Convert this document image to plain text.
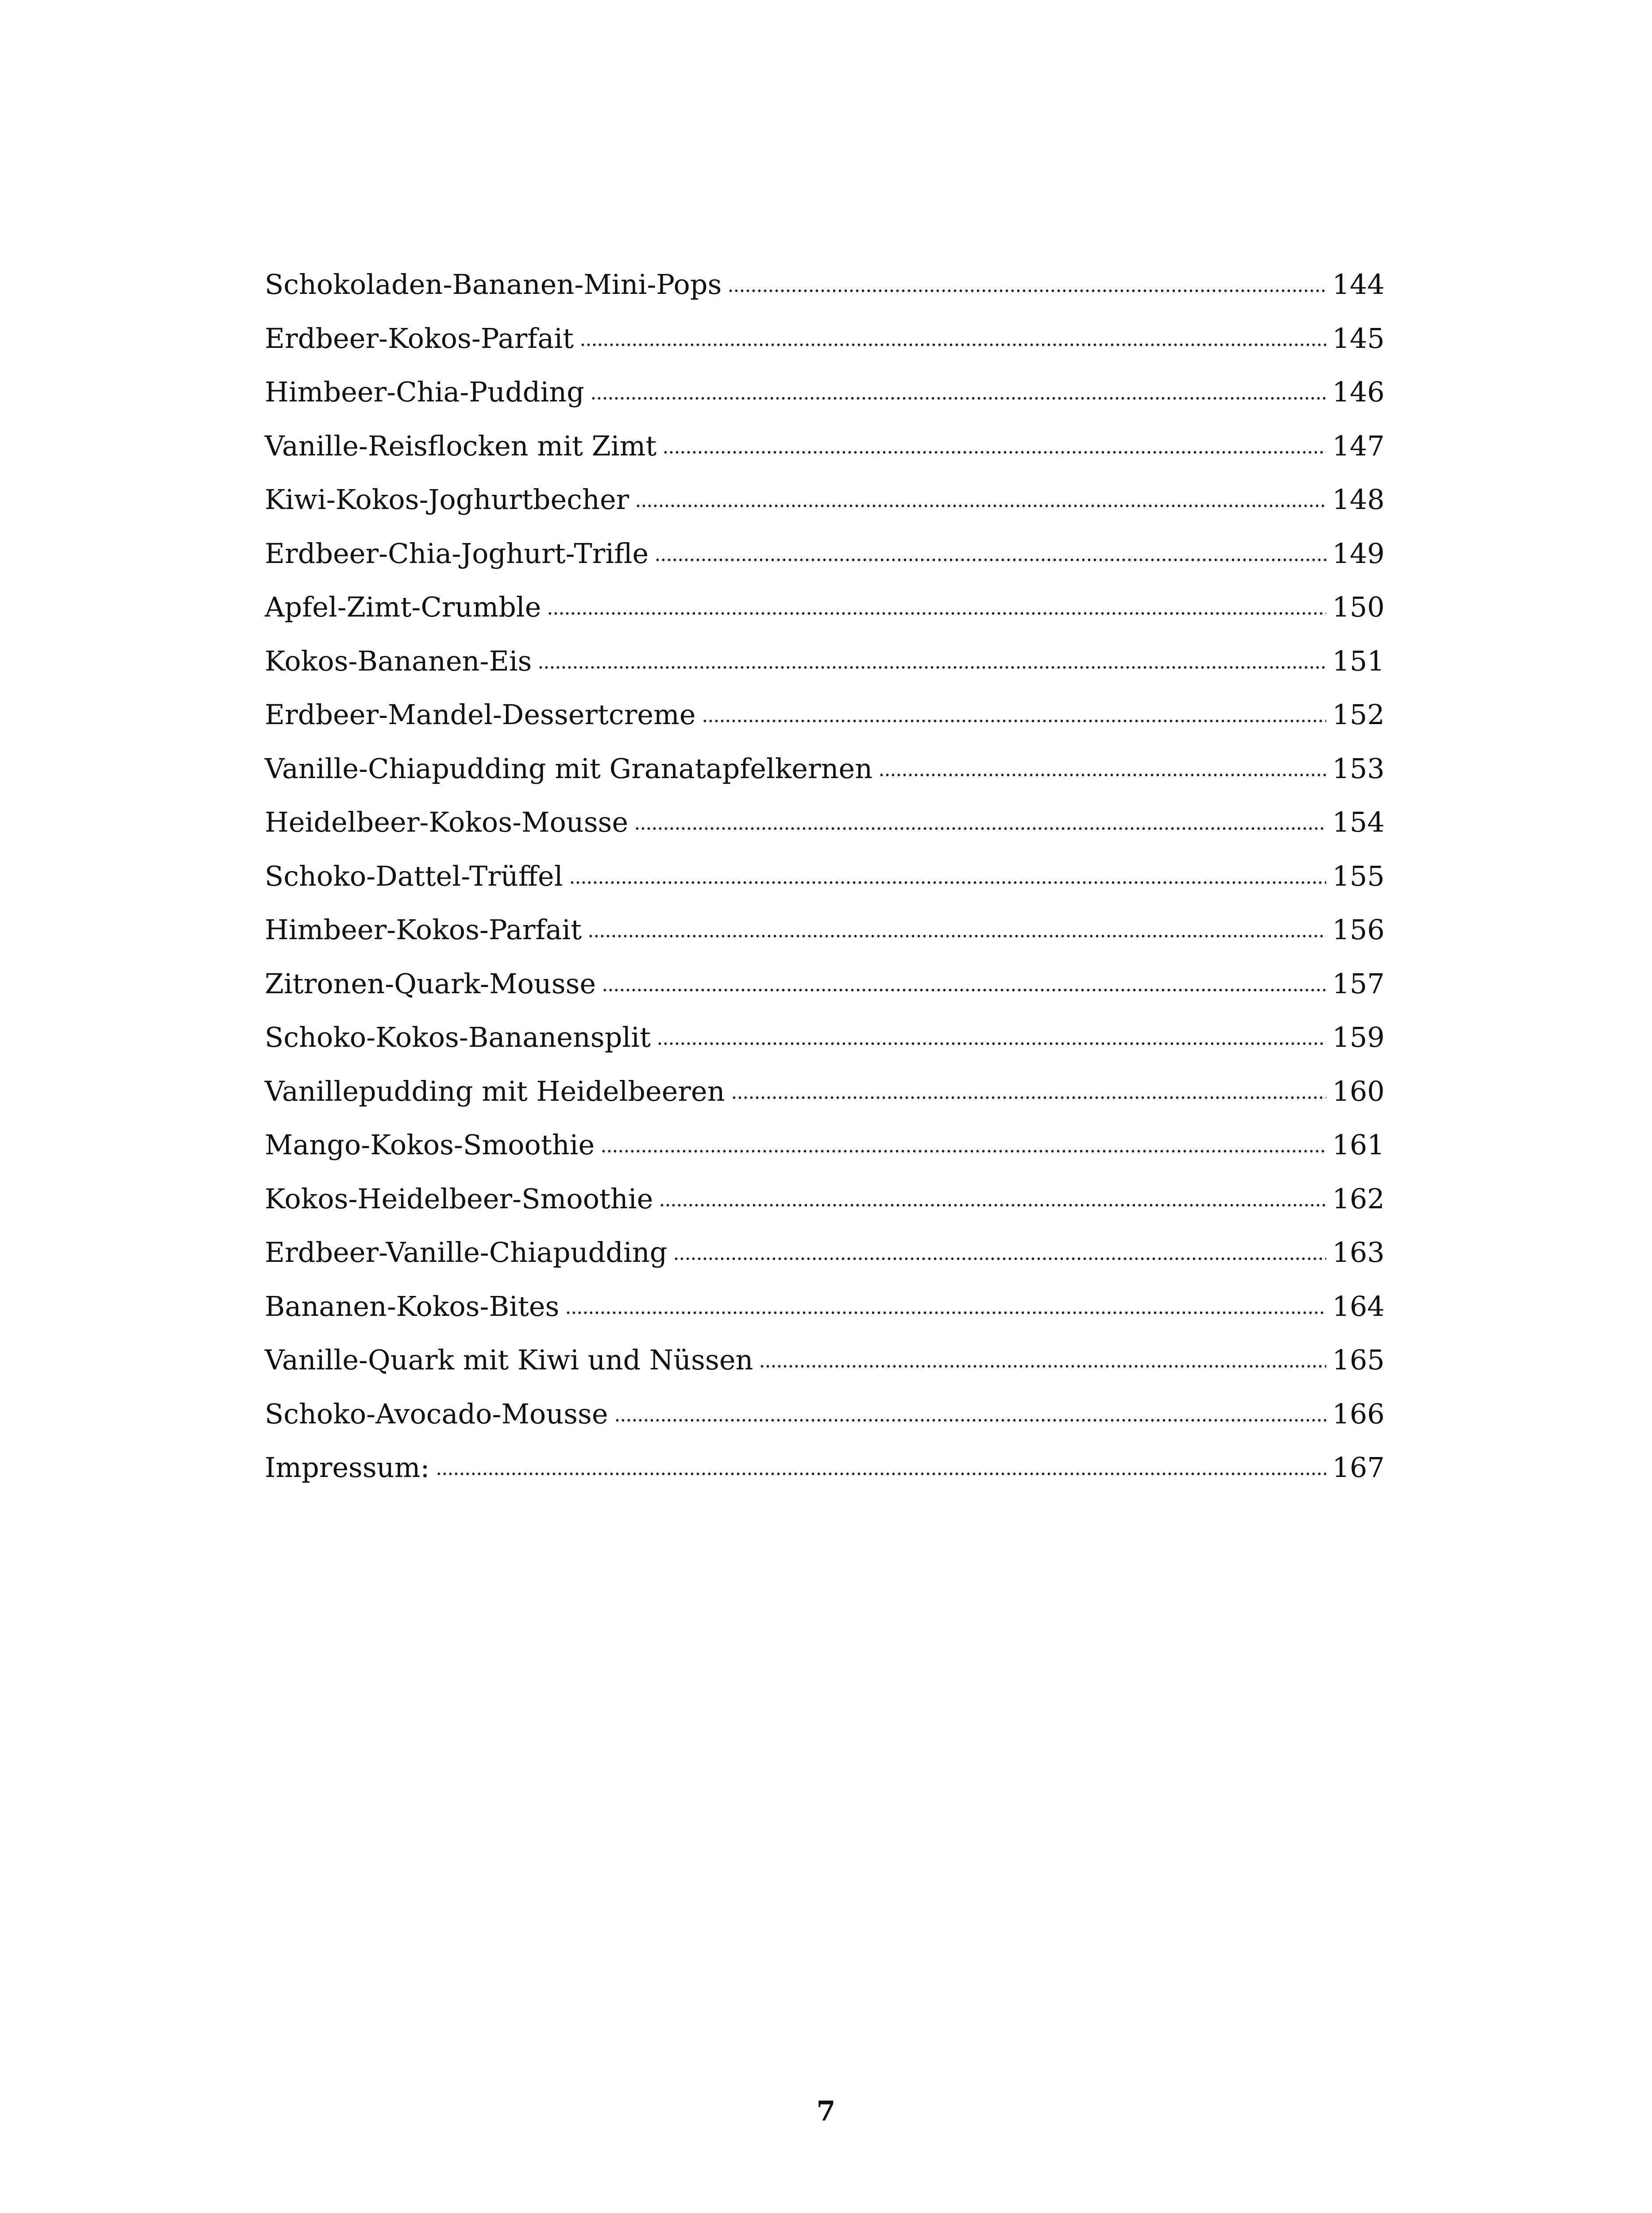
Schokoladen-Bananen-Mini-Pops	144
Erdbeer-Kokos-Parfait	145
Himbeer-Chia-Pudding	146
Vanille-Reisflocken mit Zimt	147
Kiwi-Kokos-Joghurtbecher	148
Erdbeer-Chia-Joghurt-Trifle	149
Apfel-Zimt-Crumble	150
Kokos-Bananen-Eis	151
Erdbeer-Mandel-Dessertcreme	152
Vanille-Chiapudding mit Granatapfelkernen	153
Heidelbeer-Kokos-Mousse	154
Schoko-Dattel-Trüffel	155
Himbeer-Kokos-Parfait	156
Zitronen-Quark-Mousse	157
Schoko-Kokos-Bananensplit	159
Vanillepudding mit Heidelbeeren	160
Mango-Kokos-Smoothie	161
Kokos-Heidelbeer-Smoothie	162
Erdbeer-Vanille-Chiapudding	163
Bananen-Kokos-Bites	164
Vanille-Quark mit Kiwi und Nüssen	165
Schoko-Avocado-Mousse	166
Impressum:	167
7
